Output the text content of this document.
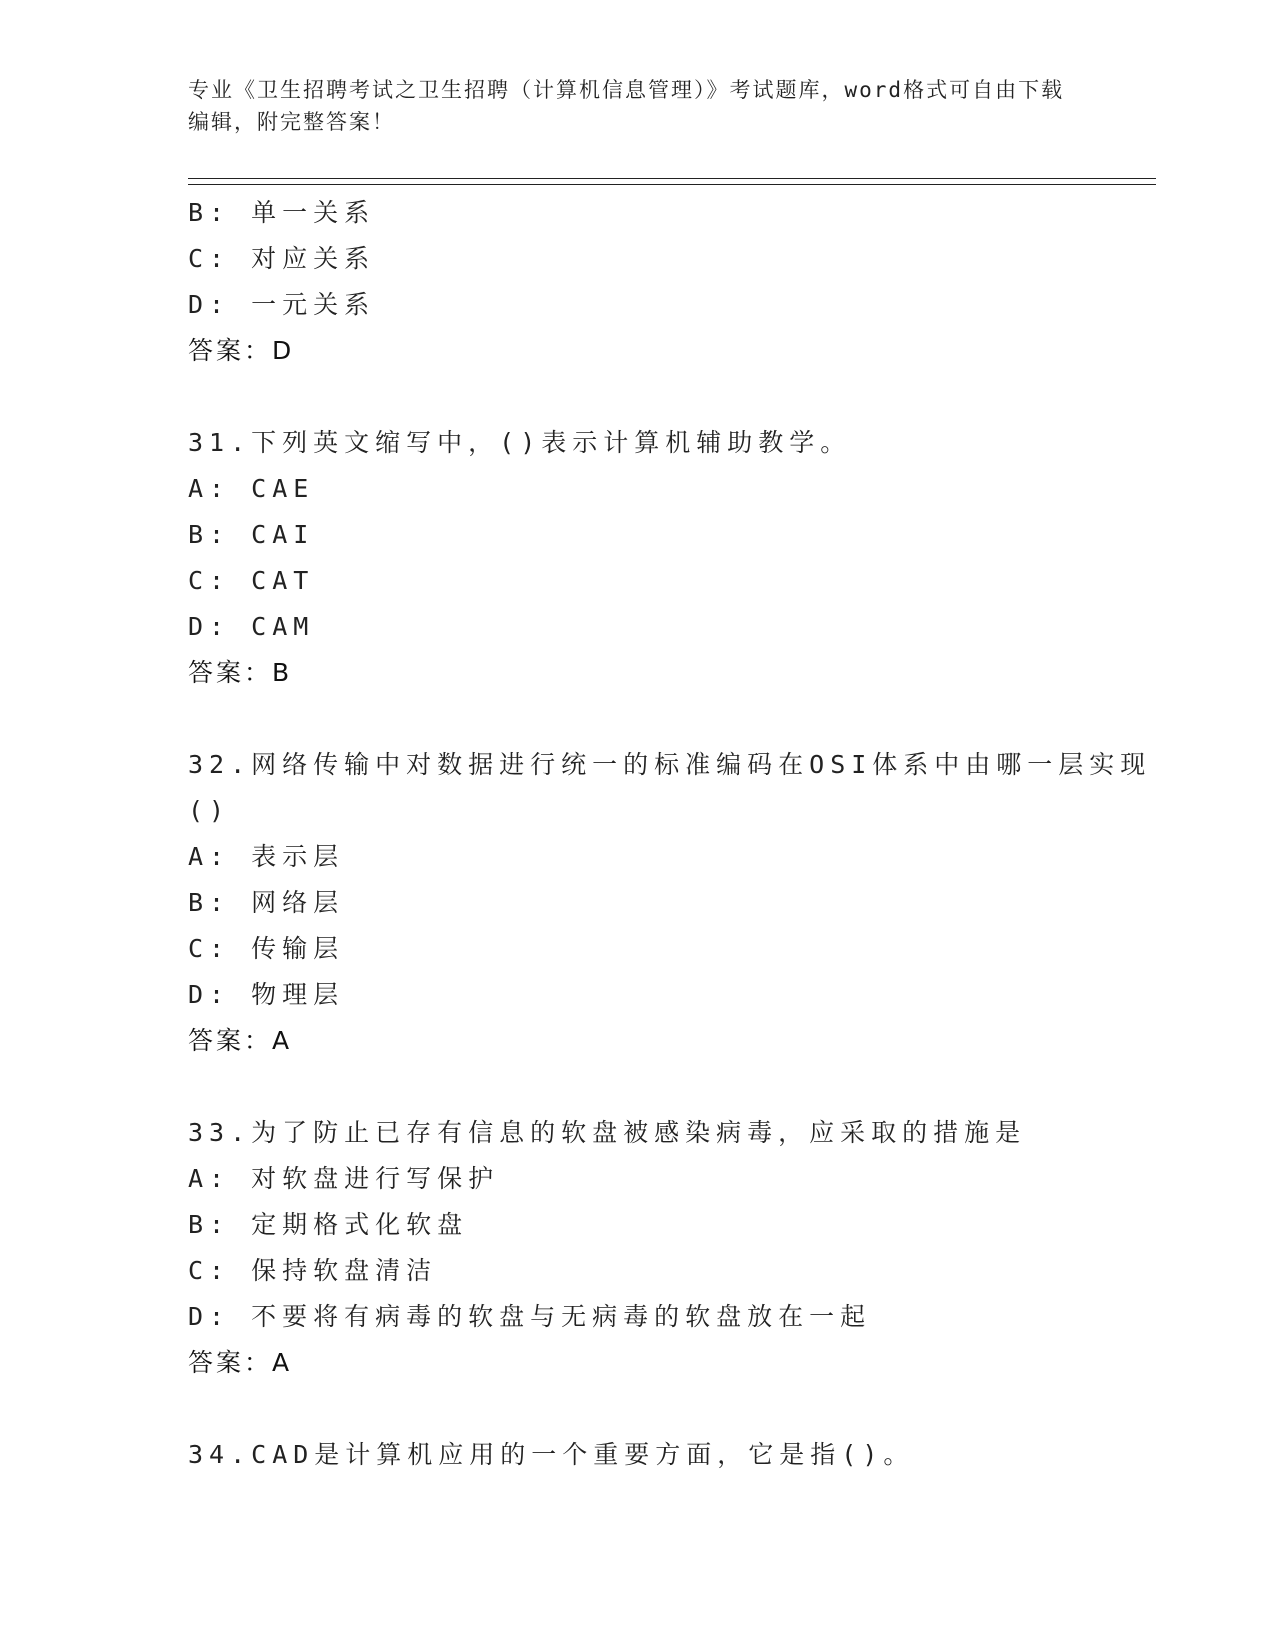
专业《卫生招聘考试之卫生招聘（计算机信息管理）》考试题库，word格式可自由下载编辑，附完整答案！
B: 单一关系
C: 对应关系
D: 一元关系
答案：D
31.下列英文缩写中，()表示计算机辅助教学。
A: CAE
B: CAI
C: CAT
D: CAM
答案：B
32.网络传输中对数据进行统一的标准编码在OSI体系中由哪一层实现
()
A: 表示层
B: 网络层
C: 传输层
D: 物理层
答案：A
33.为了防止已存有信息的软盘被感染病毒，应采取的措施是
A: 对软盘进行写保护
B: 定期格式化软盘
C: 保持软盘清洁
D: 不要将有病毒的软盘与无病毒的软盘放在一起
答案：A
34.CAD是计算机应用的一个重要方面，它是指()。
